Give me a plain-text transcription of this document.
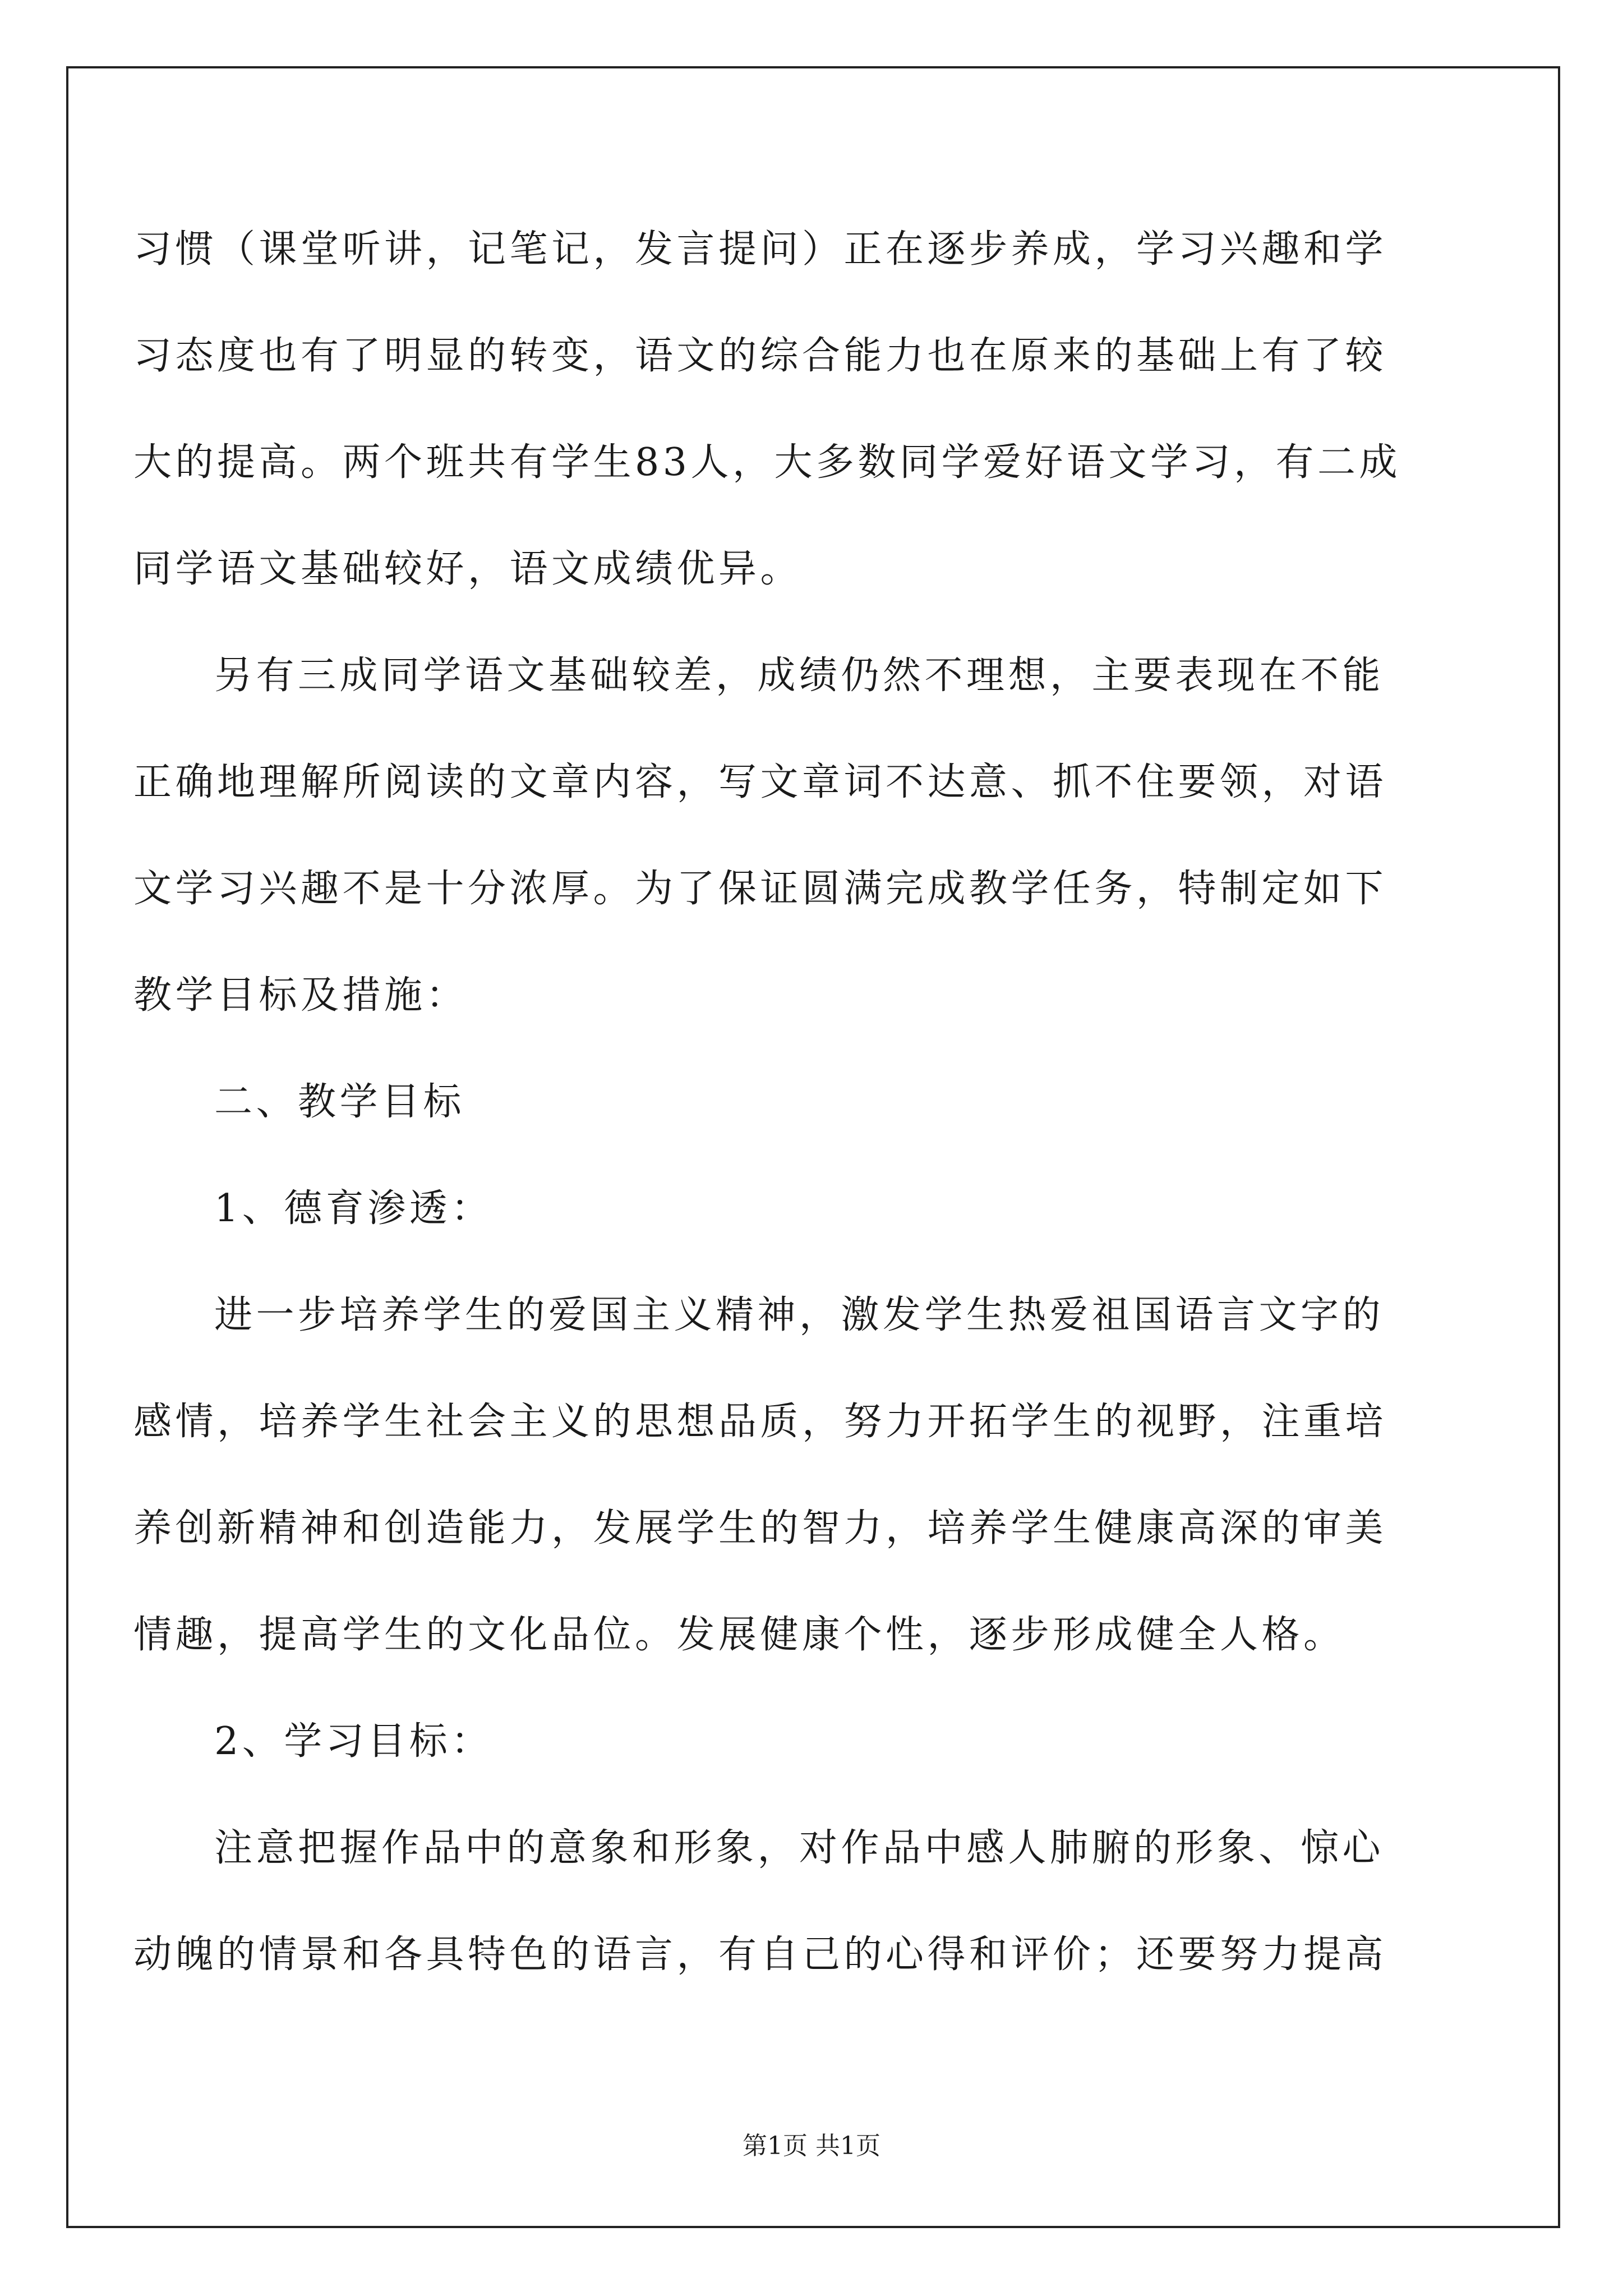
习惯（课堂听讲，记笔记，发言提问）正在逐步养成，学习兴趣和学
习态度也有了明显的转变，语文的综合能力也在原来的基础上有了较
大的提高。两个班共有学生83人，大多数同学爱好语文学习，有二成
同学语文基础较好，语文成绩优异。
另有三成同学语文基础较差，成绩仍然不理想，主要表现在不能
正确地理解所阅读的文章内容，写文章词不达意、抓不住要领，对语
文学习兴趣不是十分浓厚。为了保证圆满完成教学任务，特制定如下
教学目标及措施：
二、教学目标
1、德育渗透：
进一步培养学生的爱国主义精神，激发学生热爱祖国语言文字的
感情，培养学生社会主义的思想品质，努力开拓学生的视野，注重培
养创新精神和创造能力，发展学生的智力，培养学生健康高深的审美
情趣，提高学生的文化品位。发展健康个性，逐步形成健全人格。
2、学习目标：
注意把握作品中的意象和形象，对作品中感人肺腑的形象、惊心
动魄的情景和各具特色的语言，有自己的心得和评价；还要努力提高
第1页 共1页
